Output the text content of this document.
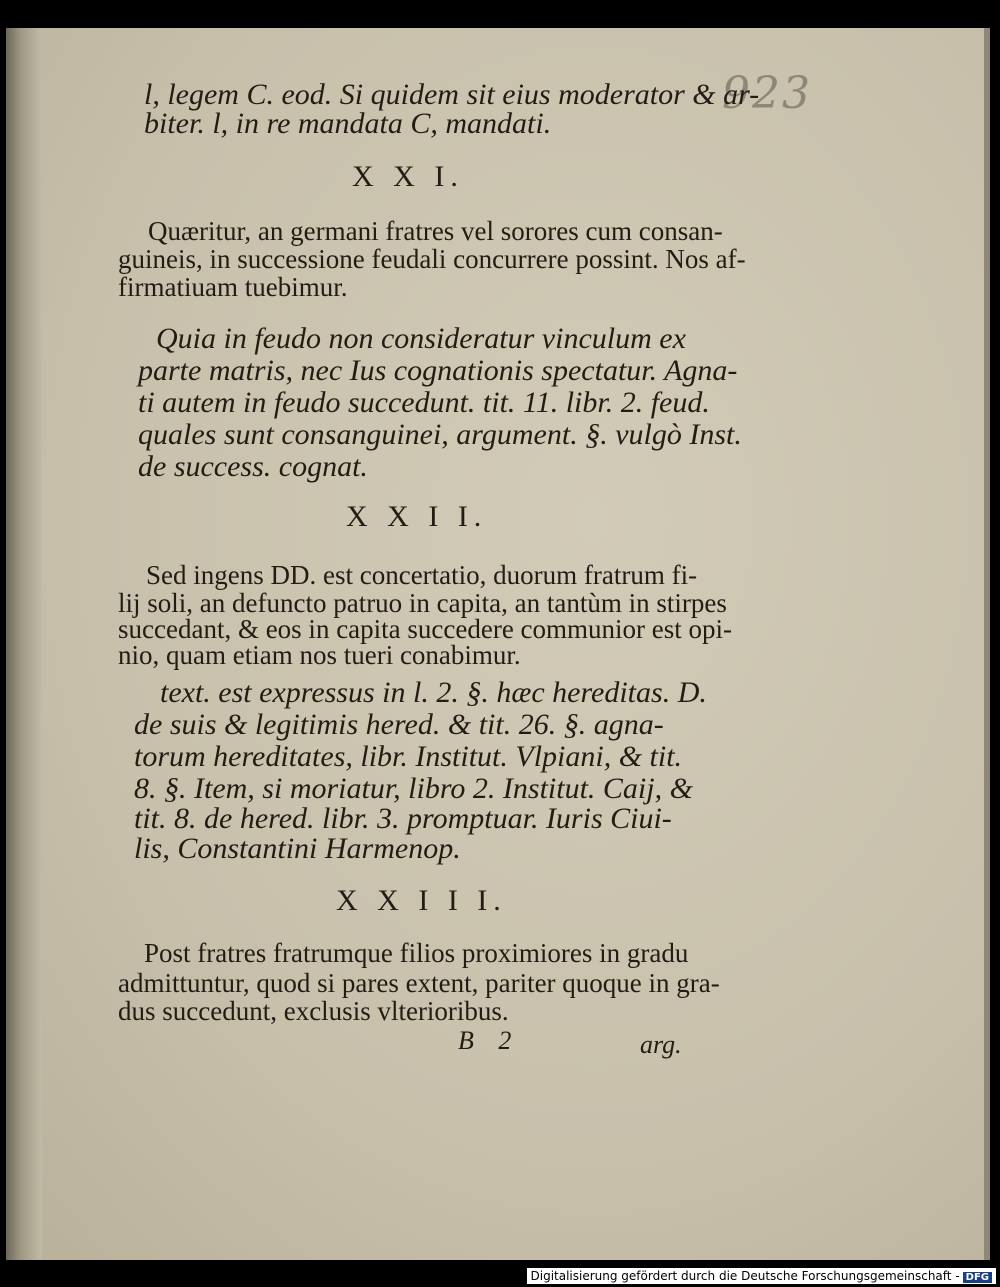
923
l, legem C. eod. Si quidem sit eius moderator & ar-
biter. l, in re mandata C, mandati.
X X I.
Quæritur, an germani fratres vel sorores cum consan-
guineis, in successione feudali concurrere possint. Nos af-
firmatiuam tuebimur.
Quia in feudo non consideratur vinculum ex
parte matris, nec Ius cognationis spectatur. Agna-
ti autem in feudo succedunt. tit. 11. libr. 2. feud.
quales sunt consanguinei, argument. §. vulgò Inst.
de success. cognat.
X X I I.
Sed ingens DD. est concertatio, duorum fratrum fi-
lij soli, an defuncto patruo in capita, an tantùm in stirpes
succedant, & eos in capita succedere communior est opi-
nio, quam etiam nos tueri conabimur.
text. est expressus in l. 2. §. hæc hereditas. D.
de suis & legitimis hered. & tit. 26. §. agna-
torum hereditates, libr. Institut. Vlpiani, & tit.
8. §. Item, si moriatur, libro 2. Institut. Caij, &
tit. 8. de hered. libr. 3. promptuar. Iuris Ciui-
lis, Constantini Harmenop.
X X I I I.
Post fratres fratrumque filios proximiores in gradu
admittuntur, quod si pares extent, pariter quoque in gra-
dus succedunt, exclusis vlterioribus.
B 2	arg.
Digitalisierung gefördert durch die Deutsche Forschungsgemeinschaft - DFG
